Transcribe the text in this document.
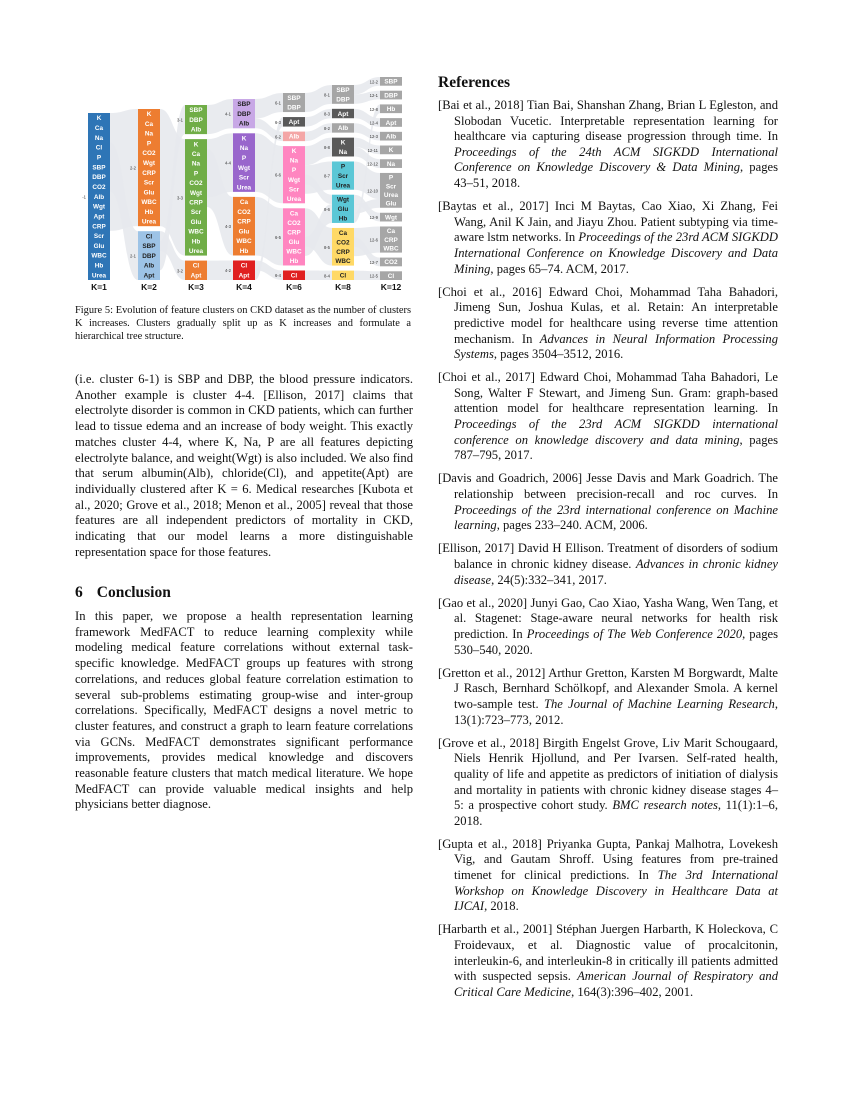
K
Ca
Na
Cl
P
SBP
DBP
CO2
Alb
Wgt
Apt
CRP
Scr
Glu
WBC
Hb
Urea
-1
K
Ca
Na
P
CO2
Wgt
CRP
Scr
Glu
WBC
Hb
Urea
2-2
Cl
SBP
DBP
Alb
Apt
2-1
SBP
DBP
Alb
3-1
K
Ca
Na
P
CO2
Wgt
CRP
Scr
Glu
WBC
Hb
Urea
3-3
Cl
Apt
3-2
SBP
DBP
Alb
4-1
K
Na
P
Wgt
Scr
Urea
4-4
Ca
CO2
CRP
Glu
WBC
Hb
4-3
Cl
Apt
4-2
SBP
DBP
6-1
Apt
6-3
Alb
6-2
K
Na
P
Wgt
Scr
Urea
6-6
Ca
CO2
CRP
Glu
WBC
Hb
6-5
Cl
6-4
SBP
DBP
8-1
Apt
8-3
Alb
8-2
K
Na
8-8
P
Scr
Urea
8-7
Wgt
Glu
Hb
8-6
Ca
CO2
CRP
WBC
8-5
Cl
8-4
SBP
12-2
DBP
12-1
Hb
12-8
Apt
12-4
Alb
12-3
K
12-11
Na
12-12
P
Scr
Urea
Glu
12-10
Wgt
12-9
Ca
CRP
WBC
12-6
CO2
12-7
Cl
12-5
K=1	K=2	K=3	K=4	K=6	K=8	K=12
Figure 5: Evolution of feature clusters on CKD dataset as the number of clusters K increases. Clusters gradually split up as K increases and formulate a hierarchical tree structure.
(i.e. cluster 6-1) is SBP and DBP, the blood pressure indicators. Another example is cluster 4-4. [Ellison, 2017] claims that electrolyte disorder is common in CKD patients, which can further lead to tissue edema and an increase of body weight. This exactly matches cluster 4-4, where K, Na, P are all features depicting electrolyte balance, and weight(Wgt) is also included. We also find that serum albumin(Alb), chloride(Cl), and appetite(Apt) are individually clustered after K = 6. Medical researches [Kubota et al., 2020; Grove et al., 2018; Menon et al., 2005] reveal that those features are all independent predictors of mortality in CKD, indicating that our model learns a more distinguishable representation space for those features.
6 Conclusion
In this paper, we propose a health representation learning framework MedFACT to reduce learning complexity while modeling medical feature correlations without external task-specific knowledge. MedFACT groups up features with strong correlations, and reduces global feature correlation estimation to several sub-problems estimating group-wise and inter-group correlations. Specifically, MedFACT designs a novel metric to cluster features, and construct a graph to learn feature correlations via GCNs. MedFACT demonstrates significant performance improvements, provides medical knowledge and discovers reasonable feature clusters that match medical literature. We hope MedFACT can provide valuable medical insights and help physicians better diagnose.
References
[Bai et al., 2018] Tian Bai, Shanshan Zhang, Brian L Egleston, and Slobodan Vucetic. Interpretable representation learning for healthcare via capturing disease progression through time. In Proceedings of the 24th ACM SIGKDD International Conference on Knowledge Discovery & Data Mining, pages 43–51, 2018.
[Baytas et al., 2017] Inci M Baytas, Cao Xiao, Xi Zhang, Fei Wang, Anil K Jain, and Jiayu Zhou. Patient subtyping via time-aware lstm networks. In Proceedings of the 23rd ACM SIGKDD International Conference on Knowledge Discovery and Data Mining, pages 65–74. ACM, 2017.
[Choi et al., 2016] Edward Choi, Mohammad Taha Bahadori, Jimeng Sun, Joshua Kulas, et al. Retain: An interpretable predictive model for healthcare using reverse time attention mechanism. In Advances in Neural Information Processing Systems, pages 3504–3512, 2016.
[Choi et al., 2017] Edward Choi, Mohammad Taha Bahadori, Le Song, Walter F Stewart, and Jimeng Sun. Gram: graph-based attention model for healthcare representation learning. In Proceedings of the 23rd ACM SIGKDD international conference on knowledge discovery and data mining, pages 787–795, 2017.
[Davis and Goadrich, 2006] Jesse Davis and Mark Goadrich. The relationship between precision-recall and roc curves. In Proceedings of the 23rd international conference on Machine learning, pages 233–240. ACM, 2006.
[Ellison, 2017] David H Ellison. Treatment of disorders of sodium balance in chronic kidney disease. Advances in chronic kidney disease, 24(5):332–341, 2017.
[Gao et al., 2020] Junyi Gao, Cao Xiao, Yasha Wang, Wen Tang, et al. Stagenet: Stage-aware neural networks for health risk prediction. In Proceedings of The Web Conference 2020, pages 530–540, 2020.
[Gretton et al., 2012] Arthur Gretton, Karsten M Borgwardt, Malte J Rasch, Bernhard Schölkopf, and Alexander Smola. A kernel two-sample test. The Journal of Machine Learning Research, 13(1):723–773, 2012.
[Grove et al., 2018] Birgith Engelst Grove, Liv Marit Schougaard, Niels Henrik Hjollund, and Per Ivarsen. Self-rated health, quality of life and appetite as predictors of initiation of dialysis and mortality in patients with chronic kidney disease stages 4–5: a prospective cohort study. BMC research notes, 11(1):1–6, 2018.
[Gupta et al., 2018] Priyanka Gupta, Pankaj Malhotra, Lovekesh Vig, and Gautam Shroff. Using features from pre-trained timenet for clinical predictions. In The 3rd International Workshop on Knowledge Discovery in Healthcare Data at IJCAI, 2018.
[Harbarth et al., 2001] Stéphan Juergen Harbarth, K Holeckova, C Froidevaux, et al. Diagnostic value of procalcitonin, interleukin-6, and interleukin-8 in critically ill patients admitted with suspected sepsis. American Journal of Respiratory and Critical Care Medicine, 164(3):396–402, 2001.
